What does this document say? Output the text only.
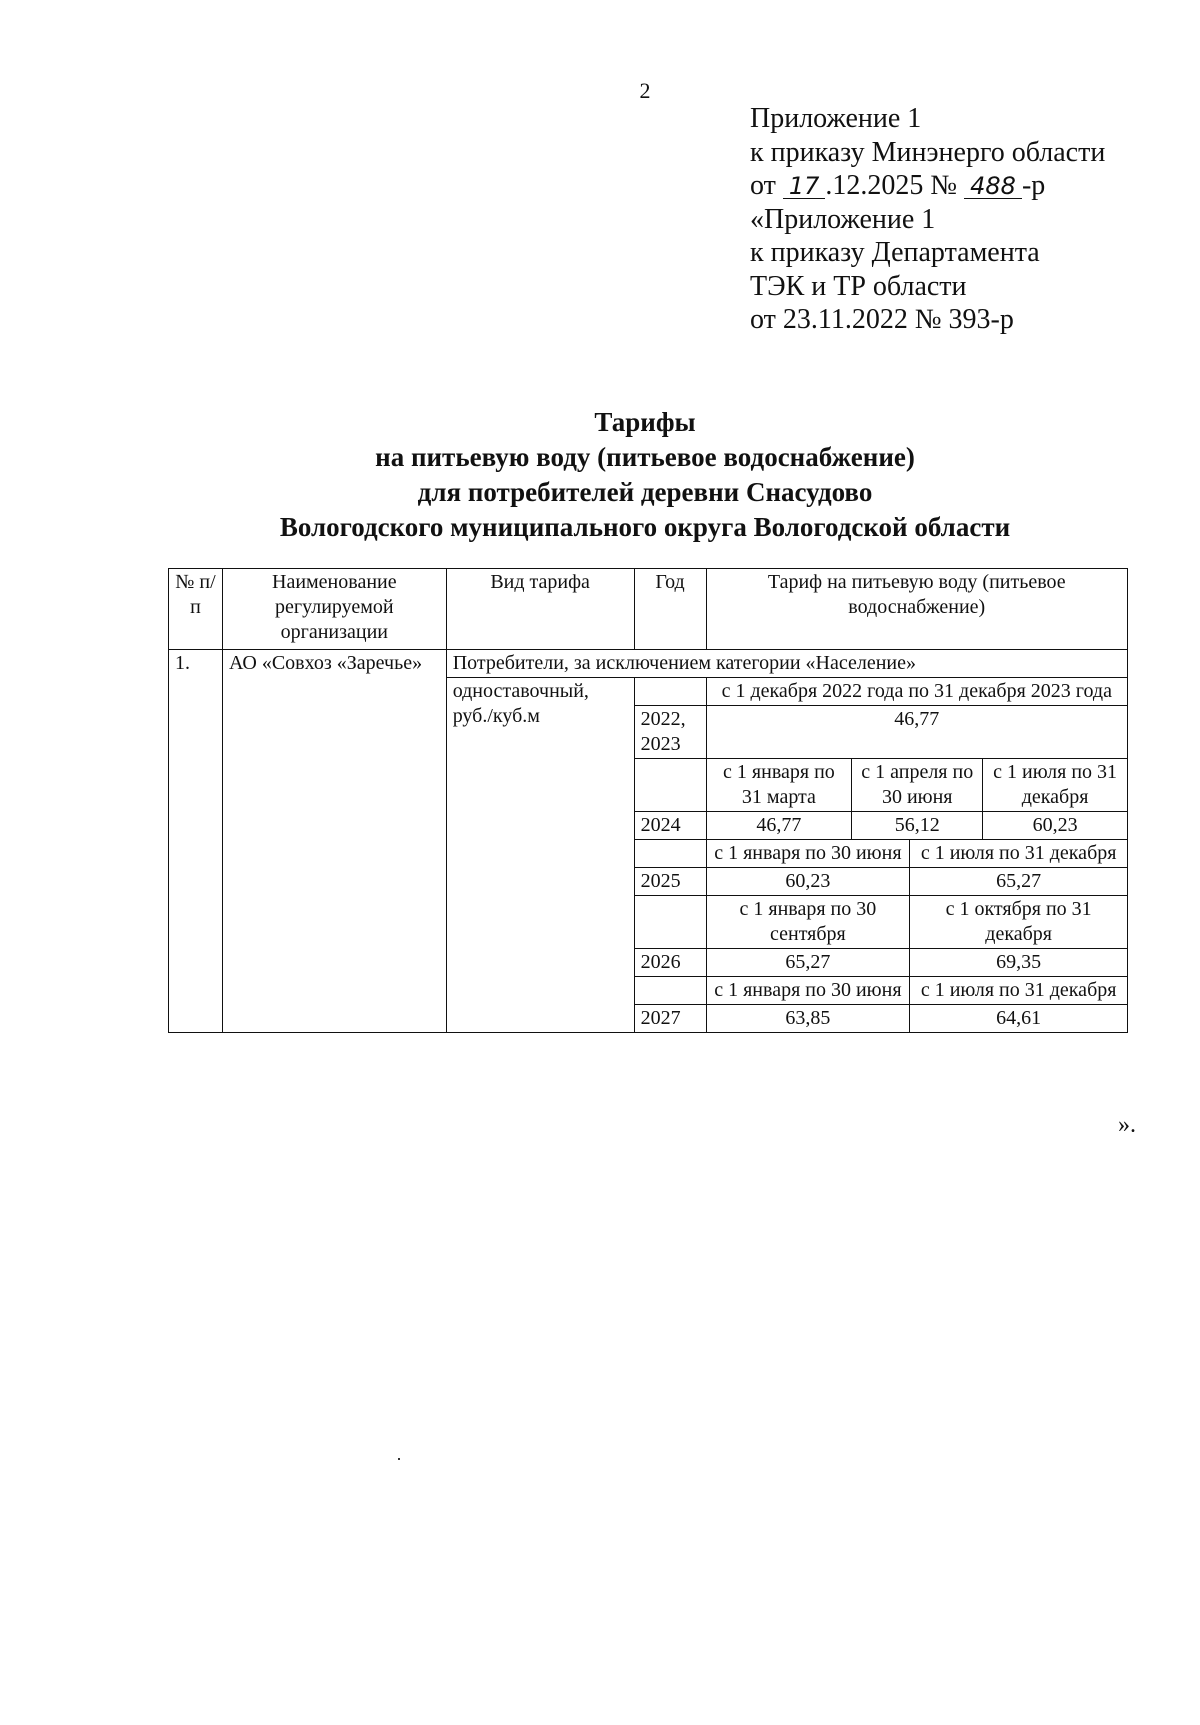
2
Приложение 1
к приказу Минэнерго области
от 17 .12.2025 № 488 -р
«Приложение 1
к приказу Департамента
ТЭК и ТР области
от 23.11.2022 № 393-р
Тарифы
на питьевую воду (питьевое водоснабжение)
для потребителей деревни Снасудово
Вологодского муниципального округа Вологодской области
№ п/п	Наименование регулируемой организации	Вид тарифа	Год	Тариф на питьевую воду (питьевое водоснабжение)			
1.	АО «Совхоз «Заречье»	Потребители, за исключением категории «Население»					
		одноставочный, руб./куб.м		с 1 декабря 2022 года по 31 декабря 2023 года			
			2022, 2023	46,77			
				с 1 января по 31 марта	с 1 апреля по 30 июня		с 1 июля по 31 декабря
			2024	46,77	56,12		60,23
				с 1 января по 30 июня		с 1 июля по 31 декабря	
			2025	60,23		65,27	
				с 1 января по 30 сентября		с 1 октября по 31 декабря	
			2026	65,27		69,35	
				с 1 января по 30 июня		с 1 июля по 31 декабря	
			2027	63,85		64,61	
».
